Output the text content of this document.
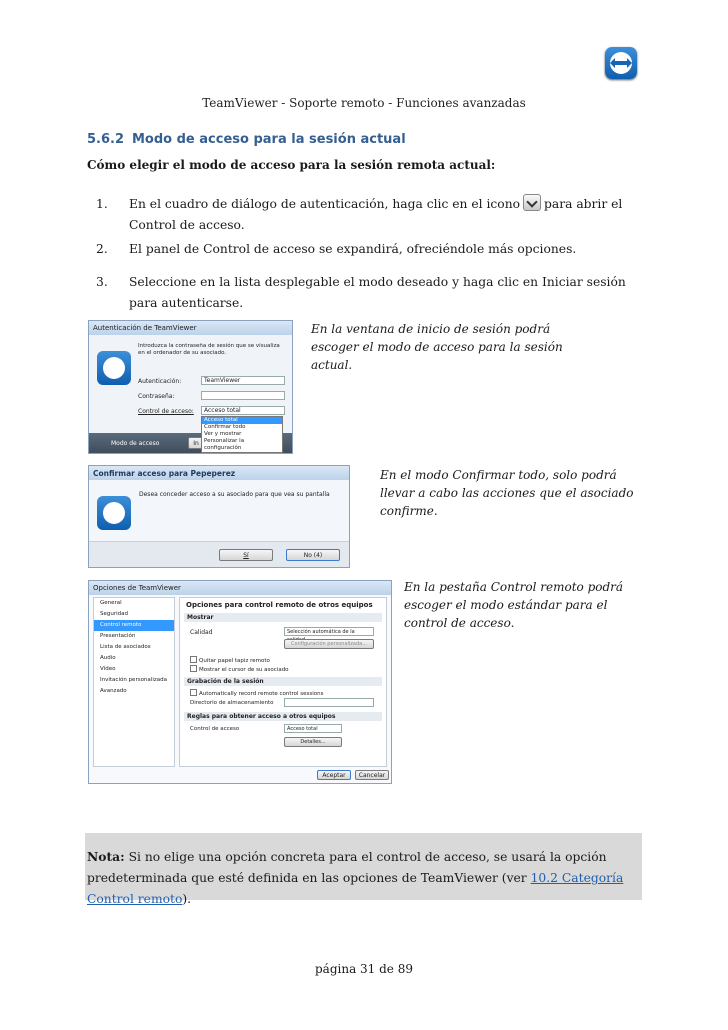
TeamViewer - Soporte remoto - Funciones avanzadas
5.6.2 Modo de acceso para la sesión actual
Cómo elegir el modo de acceso para la sesión remota actual:
1. En el cuadro de diálogo de autenticación, haga clic en el icono para abrir el Control de acceso.
2. El panel de Control de acceso se expandirá, ofreciéndole más opciones.
3. Seleccione en la lista desplegable el modo deseado y haga clic en Iniciar sesión para autenticarse.
Autenticación de TeamViewer
Introduzca la contraseña de sesión que se visualiza en el ordenador de su asociado.
Autenticación:	TeamViewer
Contraseña:
Control de acceso:	Acceso total
Modo de acceso	In
Acceso total
Confirmar todo
Ver y mostrar
Personalizar la configuración
En la ventana de inicio de sesión podrá escoger el modo de acceso para la sesión actual.
Confirmar acceso para Pepeperez
Desea conceder acceso a su asociado para que vea su pantalla
Sí	No (4)
En el modo Confirmar todo, solo podrá llevar a cabo las acciones que el asociado confirme.
Opciones de TeamViewer
General
Seguridad
Control remoto
Presentación
Lista de asociados
Audio
Vídeo
Invitación personalizada
Avanzado
Opciones para control remoto de otros equipos
Mostrar
Calidad	Selección automática de la
Configuración personalizada...
Quitar papel tapiz remoto
Mostrar el cursor de su asociado
Grabación de la sesión
Automatically record remote control sessions
Directorio de almacenamiento
Reglas para obtener acceso a otros equipos
Control de acceso	Acceso total
Detalles...
Aceptar	Cancelar
En la pestaña Control remoto podrá escoger el modo estándar para el control de acceso.
Nota: Si no elige una opción concreta para el control de acceso, se usará la opción predeterminada que esté definida en las opciones de TeamViewer (ver 10.2 Categoría Control remoto).
página 31 de 89
